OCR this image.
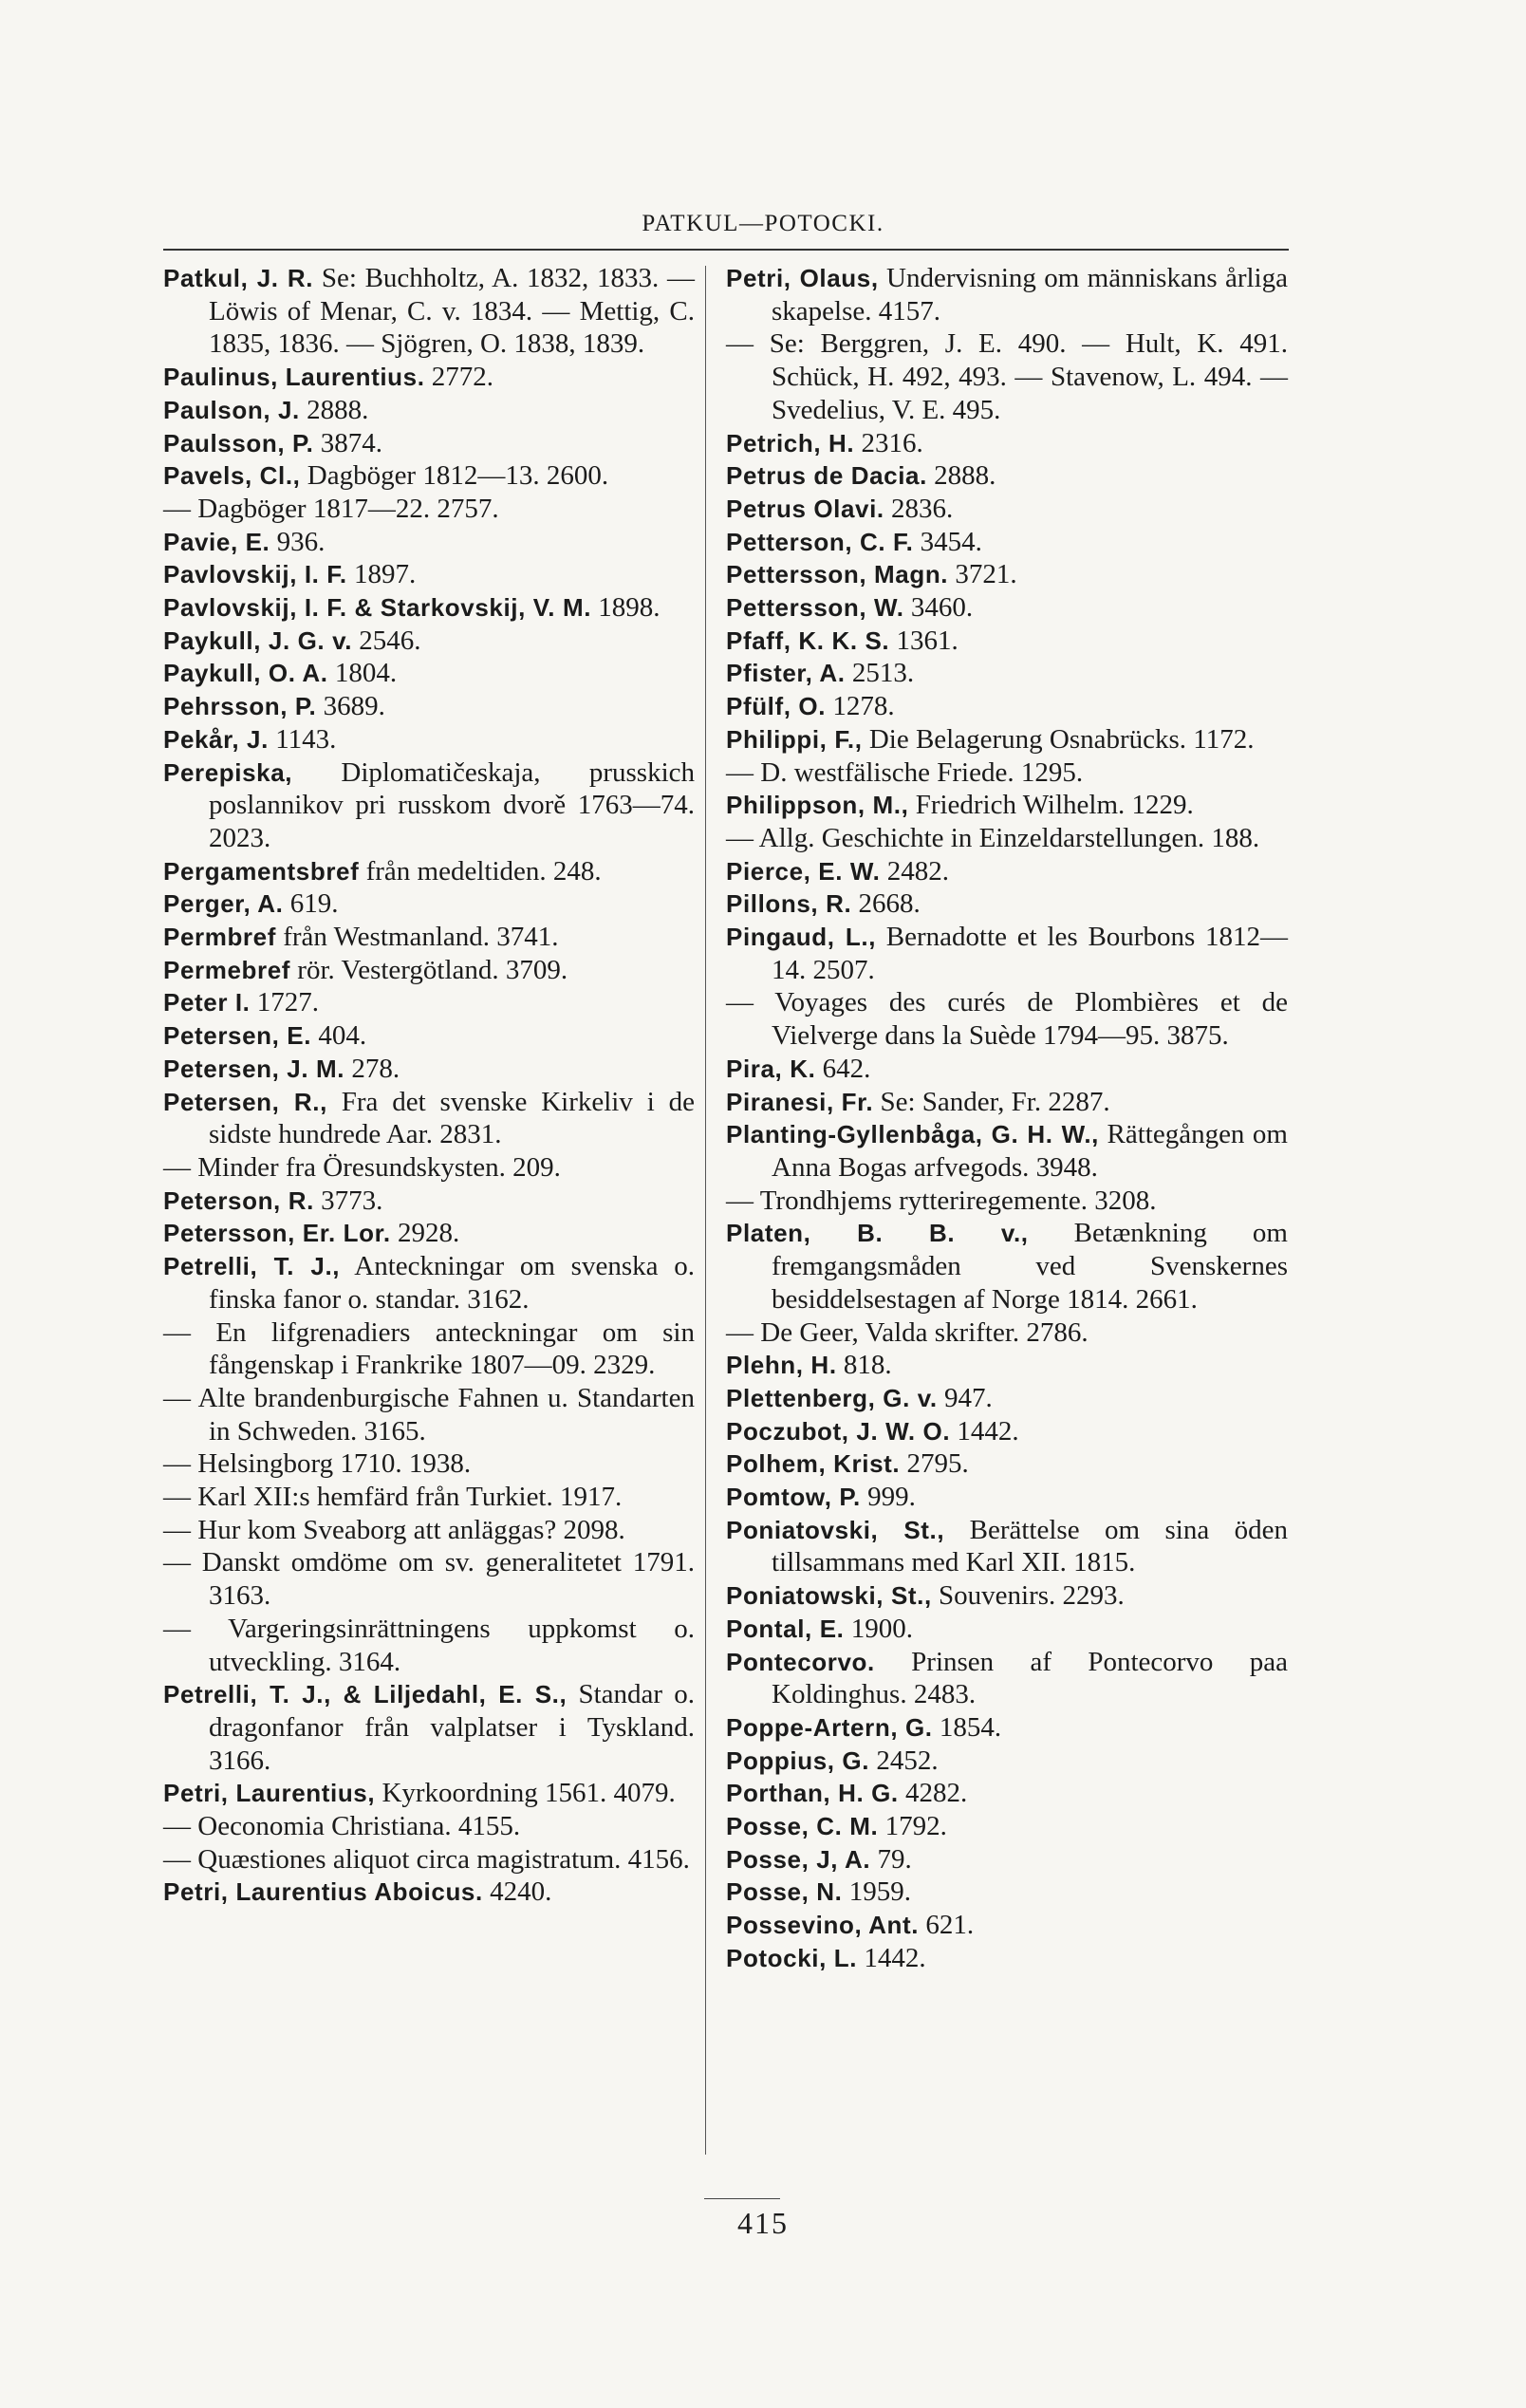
PATKUL—POTOCKI.

Patkul, J. R. Se: Buchholtz, A. 1832, 1833. — Löwis of Menar, C. v. 1834. — Mettig, C. 1835, 1836. — Sjögren, O. 1838, 1839.

Paulinus, Laurentius. 2772.

Paulson, J. 2888.

Paulsson, P. 3874.

Pavels, Cl., Dagböger 1812—13. 2600.

— Dagböger 1817—22. 2757.

Pavie, E. 936.

Pavlovskij, I. F. 1897.

Pavlovskij, I. F. & Starkovskij, V. M. 1898.

Paykull, J. G. v. 2546.

Paykull, O. A. 1804.

Pehrsson, P. 3689.

Pekår, J. 1143.

Perepiska, Diplomatičeskaja, prusskich poslannikov pri russkom dvorě 1763—74. 2023.

Pergamentsbref från medeltiden. 248.

Perger, A. 619.

Permbref från Westmanland. 3741.

Permebref rör. Vestergötland. 3709.

Peter I. 1727.

Petersen, E. 404.

Petersen, J. M. 278.

Petersen, R., Fra det svenske Kirkeliv i de sidste hundrede Aar. 2831.

— Minder fra Öresundskysten. 209.

Peterson, R. 3773.

Petersson, Er. Lor. 2928.

Petrelli, T. J., Anteckningar om svenska o. finska fanor o. standar. 3162.

— En lifgrenadiers anteckningar om sin fångenskap i Frankrike 1807—09. 2329.

— Alte brandenburgische Fahnen u. Standarten in Schweden. 3165.

— Helsingborg 1710. 1938.

— Karl XII:s hemfärd från Turkiet. 1917.

— Hur kom Sveaborg att anläggas? 2098.

— Danskt omdöme om sv. generalitetet 1791. 3163.

— Vargeringsinrättningens uppkomst o. utveckling. 3164.

Petrelli, T. J., & Liljedahl, E. S., Standar o. dragonfanor från valplatser i Tyskland. 3166.

Petri, Laurentius, Kyrkoordning 1561. 4079.

— Oeconomia Christiana. 4155.

— Quæstiones aliquot circa magistratum. 4156.

Petri, Laurentius Aboicus. 4240.

Petri, Olaus, Undervisning om människans årliga skapelse. 4157.

— Se: Berggren, J. E. 490. — Hult, K. 491. Schück, H. 492, 493. — Stavenow, L. 494. — Svedelius, V. E. 495.

Petrich, H. 2316.

Petrus de Dacia. 2888.

Petrus Olavi. 2836.

Petterson, C. F. 3454.

Pettersson, Magn. 3721.

Pettersson, W. 3460.

Pfaff, K. K. S. 1361.

Pfister, A. 2513.

Pfülf, O. 1278.

Philippi, F., Die Belagerung Osnabrücks. 1172.

— D. westfälische Friede. 1295.

Philippson, M., Friedrich Wilhelm. 1229.

— Allg. Geschichte in Einzeldarstellungen. 188.

Pierce, E. W. 2482.

Pillons, R. 2668.

Pingaud, L., Bernadotte et les Bourbons 1812—14. 2507.

— Voyages des curés de Plombières et de Vielverge dans la Suède 1794—95. 3875.

Pira, K. 642.

Piranesi, Fr. Se: Sander, Fr. 2287.

Planting-Gyllenbåga, G. H. W., Rättegången om Anna Bogas arfvegods. 3948.

— Trondhjems rytteriregemente. 3208.

Platen, B. B. v., Betænkning om fremgangsmåden ved Svenskernes besiddelsestagen af Norge 1814. 2661.

— De Geer, Valda skrifter. 2786.

Plehn, H. 818.

Plettenberg, G. v. 947.

Poczubot, J. W. O. 1442.

Polhem, Krist. 2795.

Pomtow, P. 999.

Poniatovski, St., Berättelse om sina öden tillsammans med Karl XII. 1815.

Poniatowski, St., Souvenirs. 2293.

Pontal, E. 1900.

Pontecorvo. Prinsen af Pontecorvo paa Koldinghus. 2483.

Poppe-Artern, G. 1854.

Poppius, G. 2452.

Porthan, H. G. 4282.

Posse, C. M. 1792.

Posse, J, A. 79.

Posse, N. 1959.

Possevino, Ant. 621.

Potocki, L. 1442.

415
